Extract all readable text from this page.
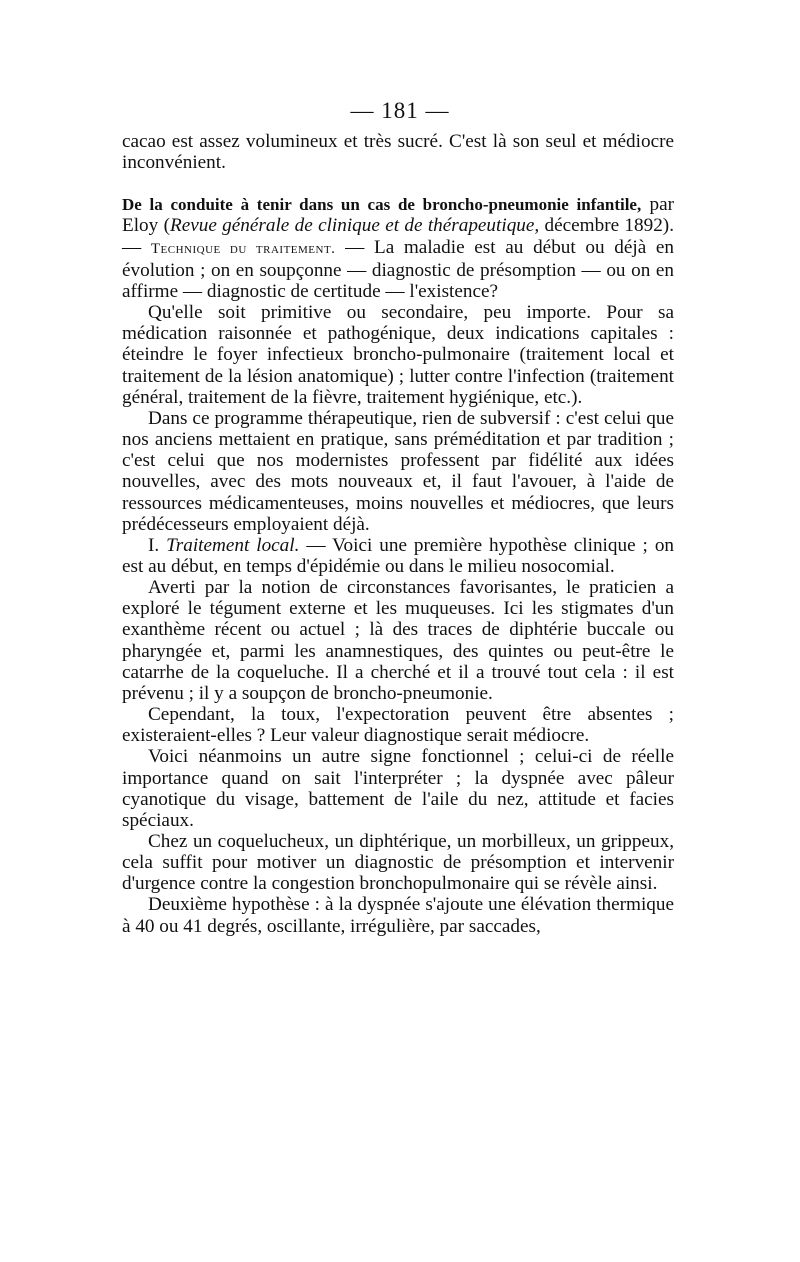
— 181 —

cacao est assez volumineux et très sucré. C'est là son seul et médiocre inconvénient.

De la conduite à tenir dans un cas de broncho-pneumonie infantile, par Eloy (Revue générale de clinique et de thérapeutique, décembre 1892). — Technique du traitement. — La maladie est au début ou déjà en évolution ; on en soupçonne — diagnostic de présomption — ou on en affirme — diagnostic de certitude — l'existence?

Qu'elle soit primitive ou secondaire, peu importe. Pour sa médication raisonnée et pathogénique, deux indications capitales : éteindre le foyer infectieux broncho-pulmonaire (traitement local et traitement de la lésion anatomique) ; lutter contre l'infection (traitement général, traitement de la fièvre, traitement hygiénique, etc.).

Dans ce programme thérapeutique, rien de subversif : c'est celui que nos anciens mettaient en pratique, sans préméditation et par tradition ; c'est celui que nos modernistes professent par fidélité aux idées nouvelles, avec des mots nouveaux et, il faut l'avouer, à l'aide de ressources médicamenteuses, moins nouvelles et médiocres, que leurs prédécesseurs employaient déjà.

I. Traitement local. — Voici une première hypothèse clinique ; on est au début, en temps d'épidémie ou dans le milieu nosocomial.

Averti par la notion de circonstances favorisantes, le praticien a exploré le tégument externe et les muqueuses. Ici les stigmates d'un exanthème récent ou actuel ; là des traces de diphtérie buccale ou pharyngée et, parmi les anamnestiques, des quintes ou peut-être le catarrhe de la coqueluche. Il a cherché et il a trouvé tout cela : il est prévenu ; il y a soupçon de broncho-pneumonie.

Cependant, la toux, l'expectoration peuvent être absentes ; existeraient-elles ? Leur valeur diagnostique serait médiocre.

Voici néanmoins un autre signe fonctionnel ; celui-ci de réelle importance quand on sait l'interpréter ; la dyspnée avec pâleur cyanotique du visage, battement de l'aile du nez, attitude et facies spéciaux.

Chez un coquelucheux, un diphtérique, un morbilleux, un grippeux, cela suffit pour motiver un diagnostic de présomption et intervenir d'urgence contre la congestion bronchopulmonaire qui se révèle ainsi.

Deuxième hypothèse : à la dyspnée s'ajoute une élévation thermique à 40 ou 41 degrés, oscillante, irrégulière, par saccades,
